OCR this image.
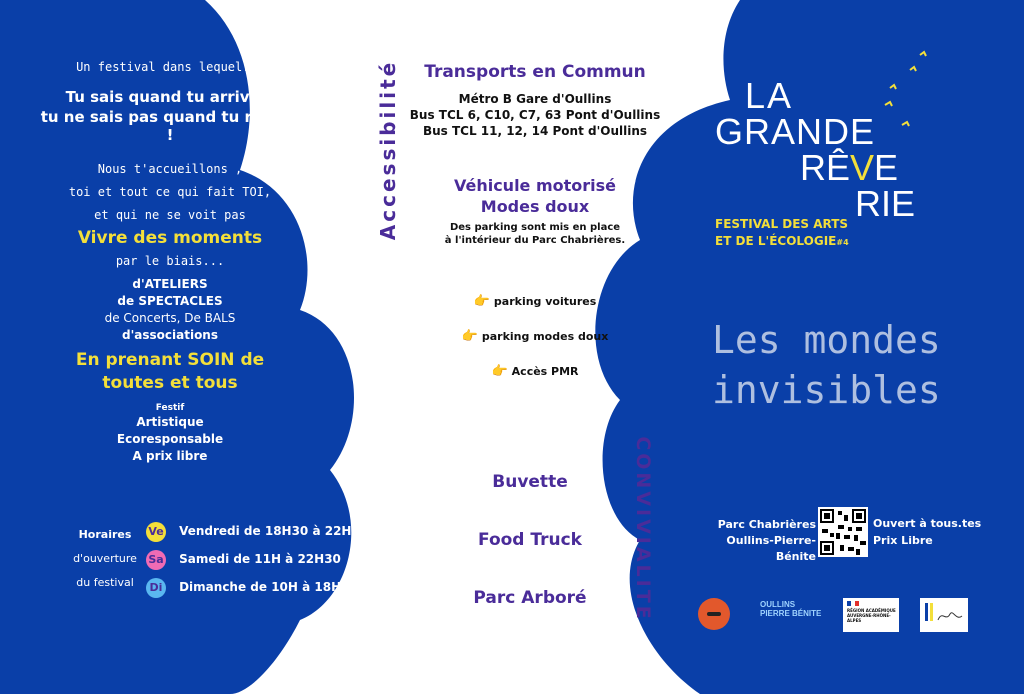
Un festival dans lequel...
Tu sais quand tu arrives,
tu ne sais pas quand tu repars !
Nous t'accueillons ,
toi et tout ce qui fait TOI,
et qui ne se voit pas
Vivre des moments
par le biais...
d'ATELIERS
de SPECTACLES
de Concerts, De BALS
d'associations
En prenant SOIN de
toutes et tous
Festif
Artistique
Ecoresponsable
A prix libre
Horaires
d'ouverture
du festival
Ve Vendredi de 18H30 à 22H
Sa Samedi de 11H à 22H30
Di Dimanche de 10H à 18H
Accessibilité	Transports en Commun
Métro B Gare d'Oullins
Bus TCL 6, C10, C7, 63 Pont d'Oullins
Bus TCL 11, 12, 14 Pont d'Oullins
Véhicule motorisé
Modes doux
Des parking sont mis en place
à l'intérieur du Parc Chabrières.
👉 parking voitures
👉 parking modes doux
👉 Accès PMR
Buvette
Food Truck
Parc Arboré	CONVIVIALITE
LA
GRANDE
RÊVE
RIE
FESTIVAL DES ARTS
ET DE L'ÉCOLOGIE#4
Les mondes
invisibles
Parc Chabrières
Oullins-Pierre-Bénite
Ouvert à tous.tes
Prix Libre
OULLINS PIERRE BÉNITE	RÉGION ACADÉMIQUE AUVERGNE-RHÔNE-ALPES
